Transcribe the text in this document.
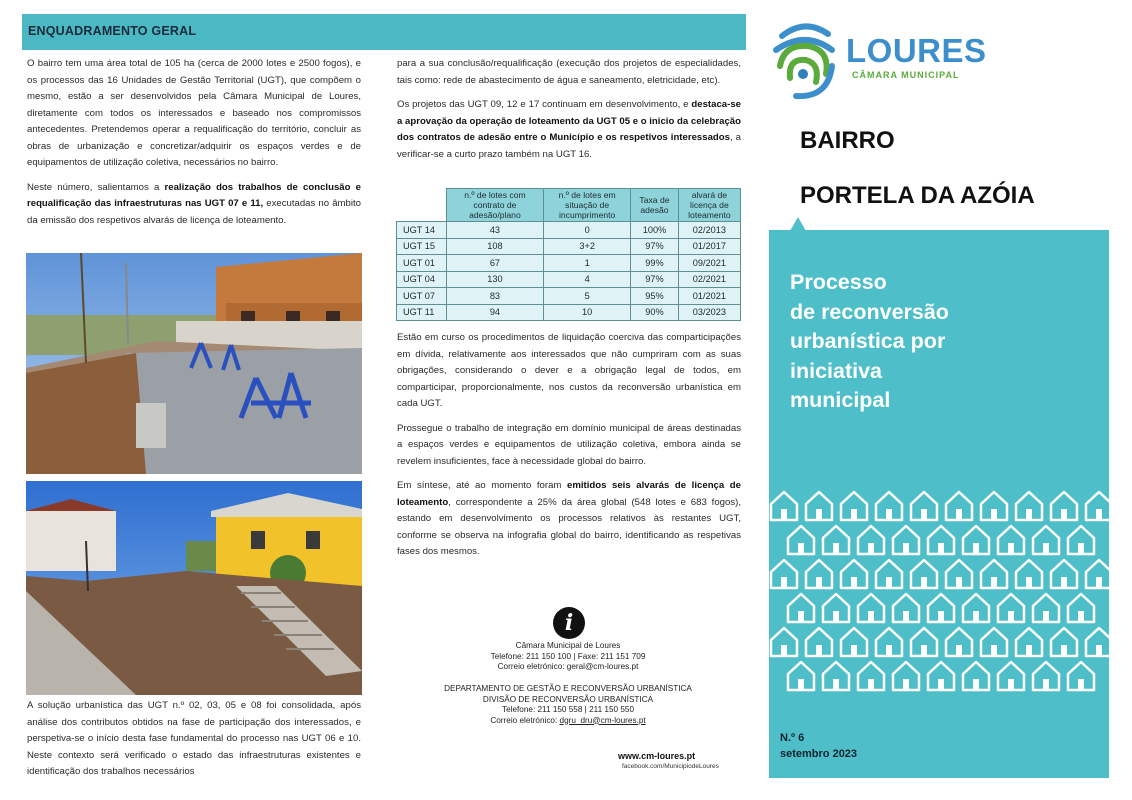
ENQUADRAMENTO GERAL
O bairro tem uma área total de 105 ha (cerca de 2000 lotes e 2500 fogos), e os processos das 16 Unidades de Gestão Territorial (UGT), que compõem o mesmo, estão a ser desenvolvidos pela Câmara Municipal de Loures, diretamente com todos os interessados e baseado nos compromissos antecedentes. Pretendemos operar a requalificação do território, concluir as obras de urbanização e concretizar/adquirir os espaços verdes e de equipamentos de utilização coletiva, necessários no bairro.
Neste número, salientamos a realização dos trabalhos de conclusão e requalificação das infraestruturas nas UGT 07 e 11, executadas no âmbito da emissão dos respetivos alvarás de licença de loteamento.
A solução urbanística das UGT n.º 02, 03, 05 e 08 foi consolidada, após análise dos contributos obtidos na fase de participação dos interessados, e perspetiva-se o início desta fase fundamental do processo nas UGT 06 e 10. Neste contexto será verificado o estado das infraestruturas existentes e identificação dos trabalhos necessários
para a sua conclusão/requalificação (execução dos projetos de especialidades, tais como: rede de abastecimento de água e saneamento, eletricidade, etc).
Os projetos das UGT 09, 12 e 17 continuam em desenvolvimento, e destaca-se a aprovação da operação de loteamento da UGT 05 e o inicio da celebração dos contratos de adesão entre o Município e os respetivos interessados, a verificar-se a curto prazo também na UGT 16.
	n.º de lotes com contrato de adesão/plano	n.º de lotes em situação de incumprimento	Taxa de adesão	alvará de licença de loteamento
UGT 14	43	0	100%	02/2013
UGT 15	108	3+2	97%	01/2017
UGT 01	67	1	99%	09/2021
UGT 04	130	4	97%	02/2021
UGT 07	83	5	95%	01/2021
UGT 11	94	10	90%	03/2023
Estão em curso os procedimentos de liquidação coerciva das comparticipações em dívida, relativamente aos interessados que não cumpriram com as suas obrigações, considerando o dever e a obrigação legal de todos, em comparticipar, proporcionalmente, nos custos da reconversão urbanística em cada UGT.
Prossegue o trabalho de integração em domínio municipal de áreas destinadas a espaços verdes e equipamentos de utilização coletiva, embora ainda se revelem insuficientes, face à necessidade global do bairro.
Em síntese, até ao momento foram emitidos seis alvarás de licença de loteamento, correspondente a 25% da área global (548 lotes e 683 fogos), estando em desenvolvimento os processos relativos às restantes UGT, conforme se observa na infografia global do bairro, identificando as respetivas fases dos mesmos.
i
Câmara Municipal de Loures
Telefone: 211 150 100 | Faxe: 211 151 709
Correio eletrónico: geral@cm-loures.pt
DEPARTAMENTO DE GESTÃO E RECONVERSÃO URBANÍSTICA
DIVISÃO DE RECONVERSÃO URBANÍSTICA
Telefone: 211 150 558 | 211 150 550
Correio eletrónico: dgru_dru@cm-loures.pt
www.cm-loures.pt
facebook.com/MunicipiodeLoures
LOURES
CÂMARA MUNICIPAL
BAIRRO
PORTELA DA AZÓIA
Processo
de reconversão
urbanística por
iniciativa
municipal
N.º 6
setembro 2023
